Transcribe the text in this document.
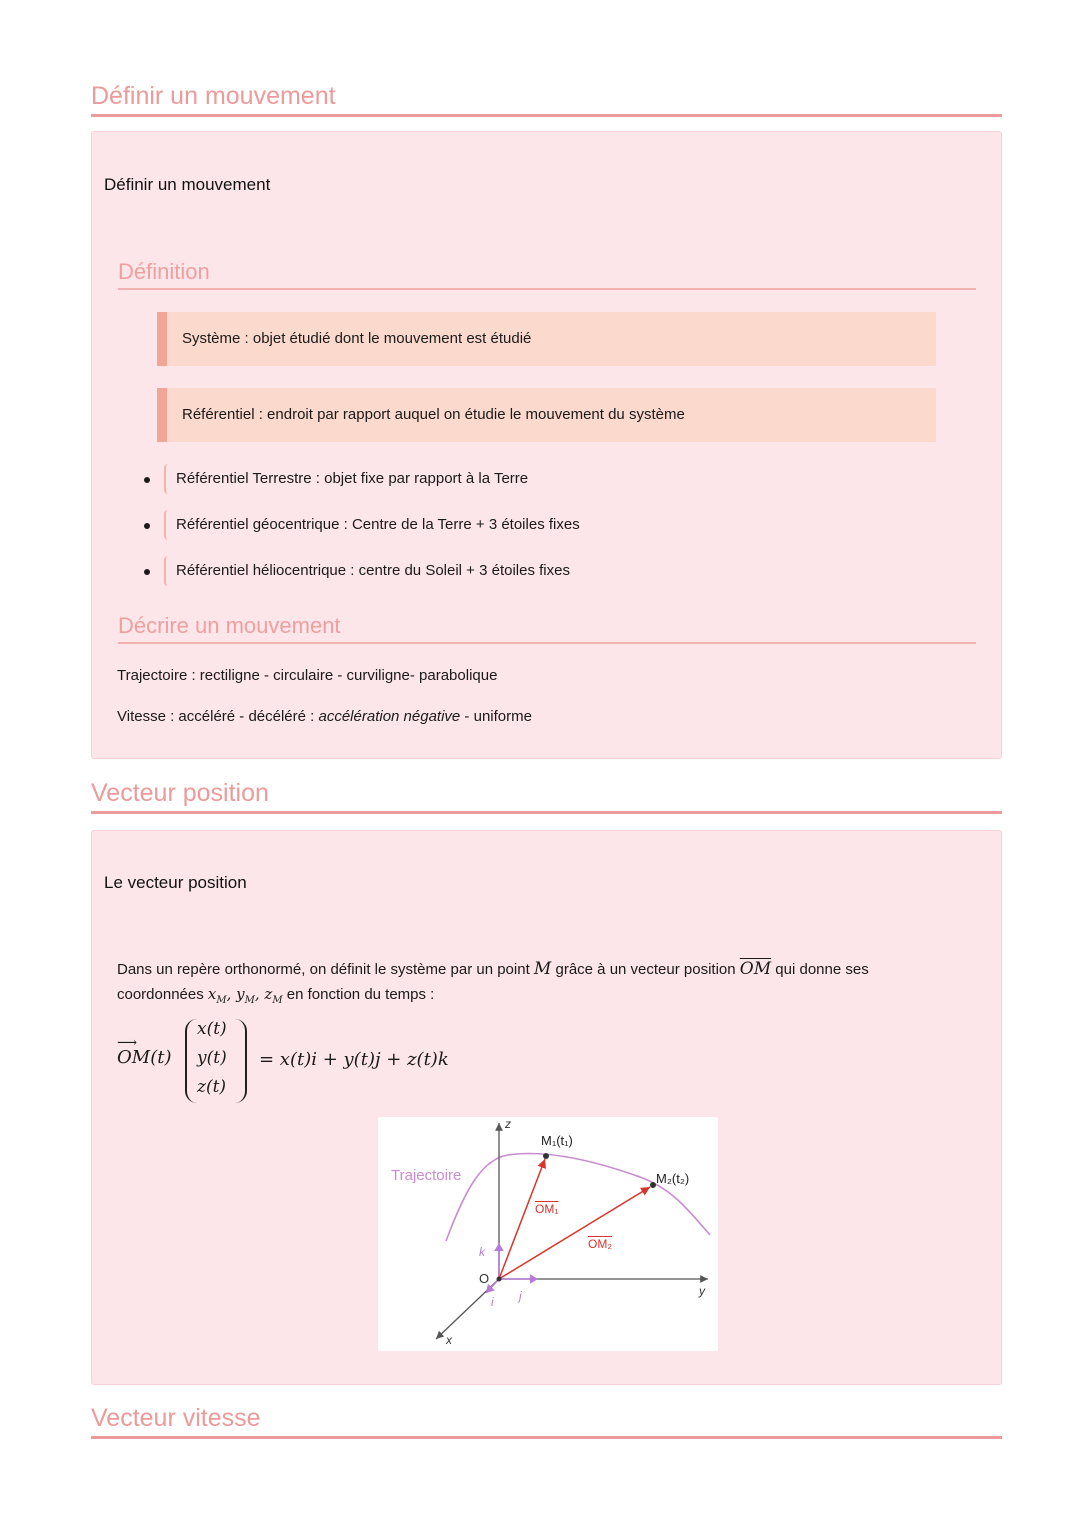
Définir un mouvement
Définir un mouvement
Définition
Système : objet étudié dont le mouvement est étudié
Référentiel : endroit par rapport auquel on étudie le mouvement du système
Référentiel Terrestre : objet fixe par rapport à la Terre
Référentiel géocentrique : Centre de la Terre + 3 étoiles fixes
Référentiel héliocentrique : centre du Soleil + 3 étoiles fixes
Décrire un mouvement
Trajectoire : rectiligne - circulaire - curviligne- parabolique
Vitesse : accéléré - décéléré : accélération négative - uniforme
Vecteur position
Le vecteur position
Dans un repère orthonormé, on définit le système par un point M grâce à un vecteur position $\overline{OM}$ qui donne ses
coordonnées $x_M$, $y_M$, $z_M$ en fonction du temps :
⟶
OM(t)
x(t)
y(t)
z(t)
= x(t)i + y(t)j + z(t)k
Trajectoire
z
y
x
O
M₁(t₁)
M₂(t₂)
OM₁
OM₂
k
j
i
Vecteur vitesse
